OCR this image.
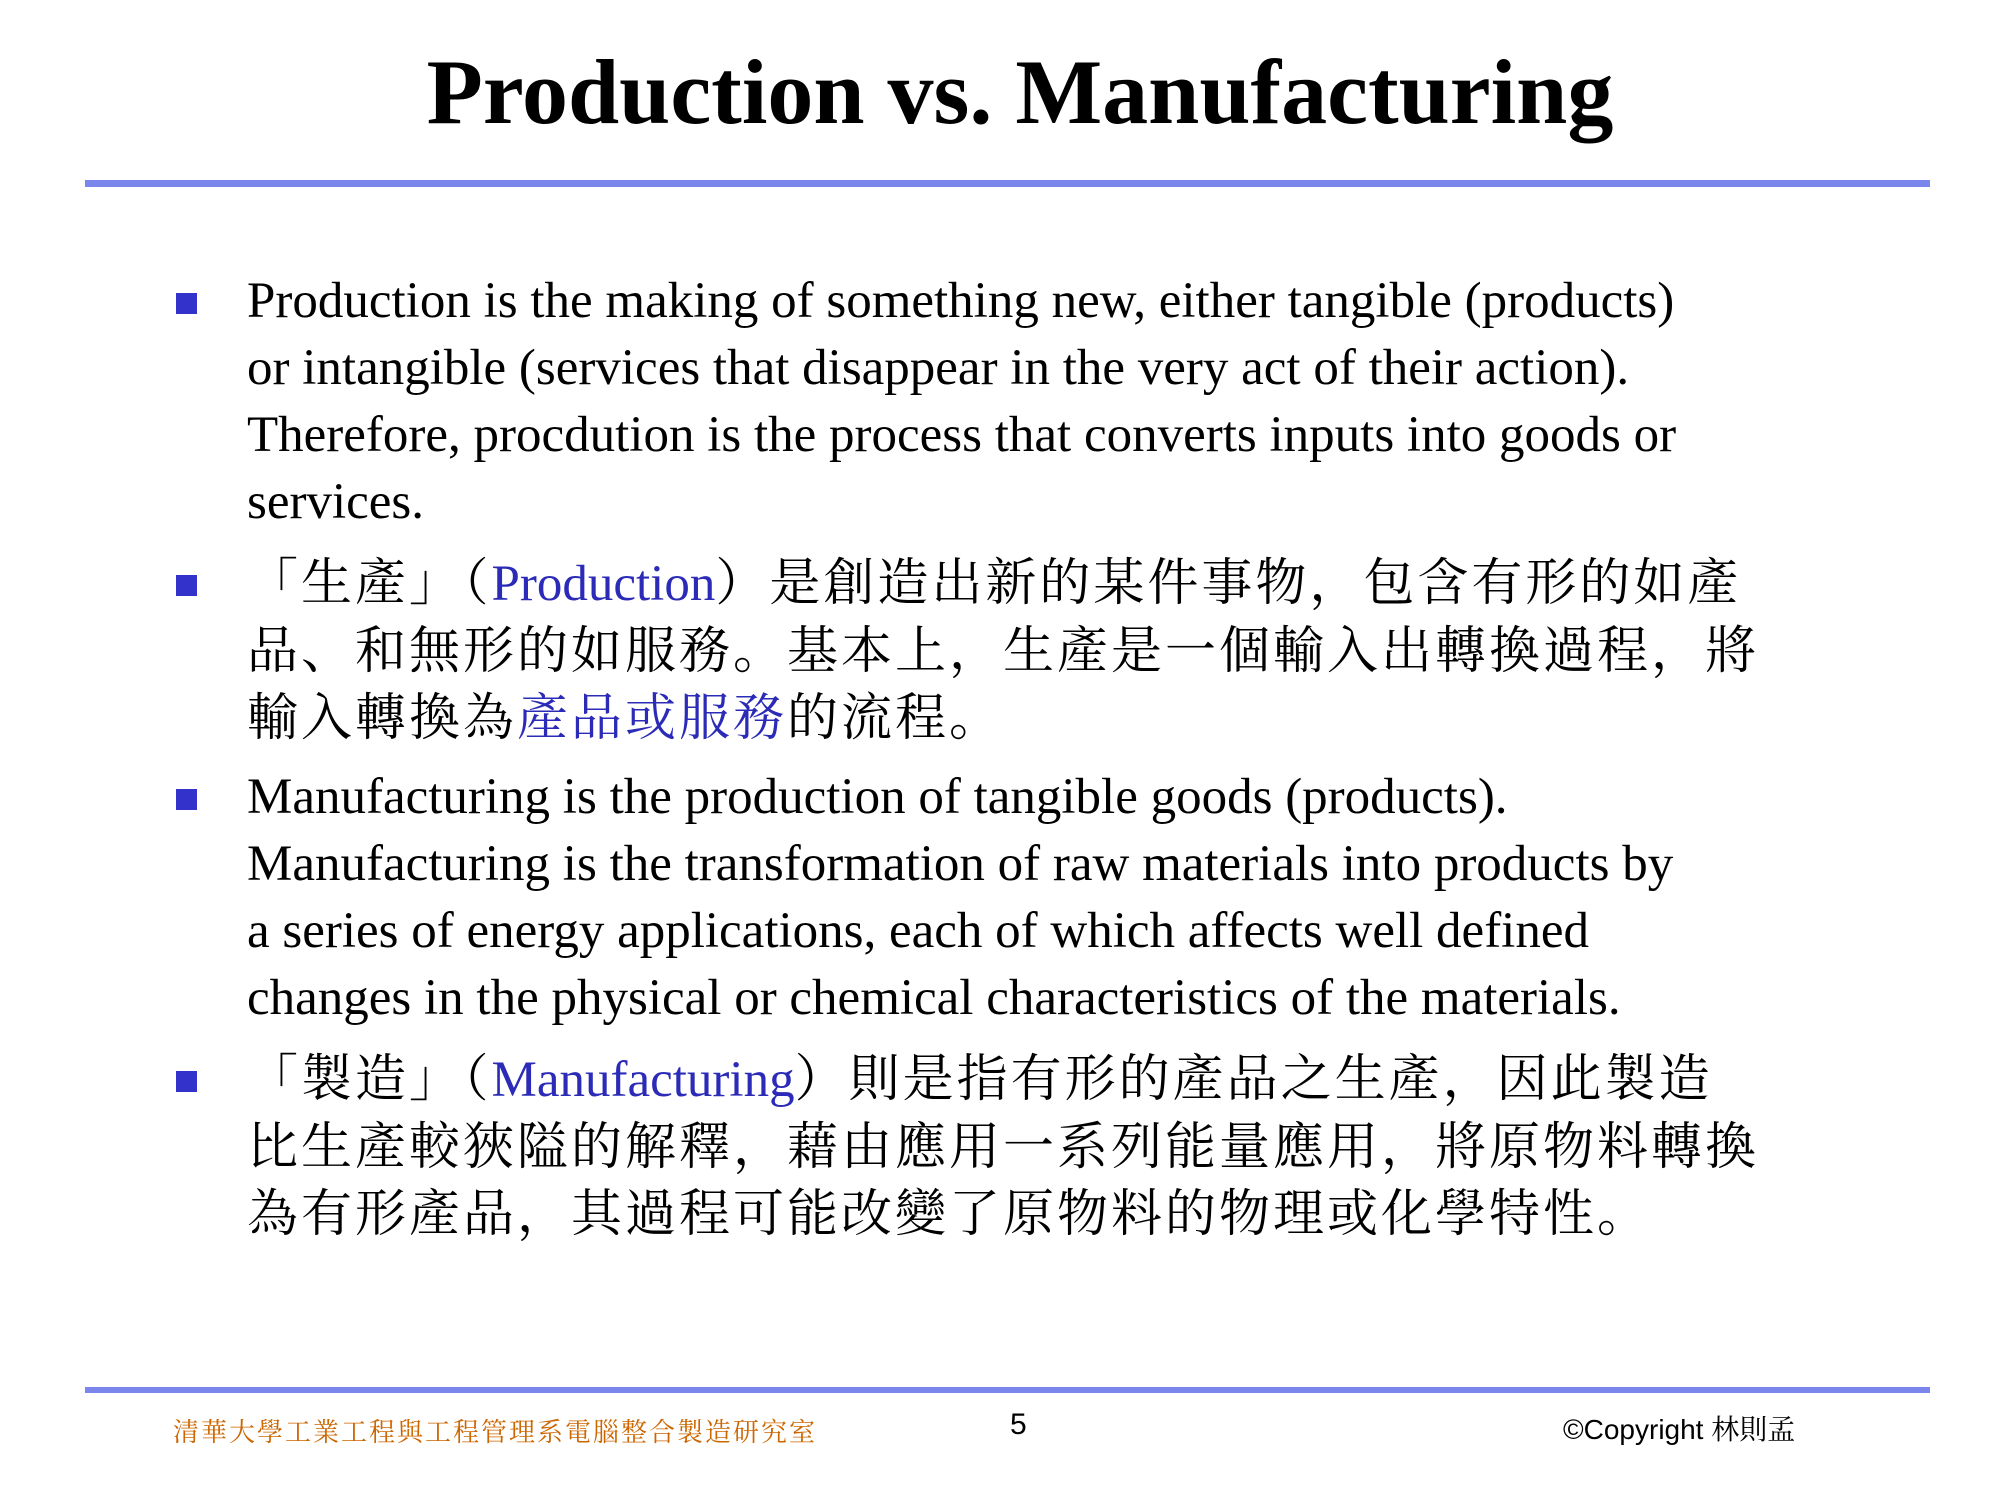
Production vs. Manufacturing
Production is the making of something new, either tangible (products)
or intangible (services that disappear in the very act of their action).
Therefore, procdution is the process that converts inputs into goods or
services.
「生產」（Production）是創造出新的某件事物，包含有形的如產
品、和無形的如服務。基本上，生產是一個輸入出轉換過程，將
輸入轉換為產品或服務的流程。
Manufacturing is the production of tangible goods (products).
Manufacturing is the transformation of raw materials into products by
a series of energy applications, each of which affects well defined
changes in the physical or chemical characteristics of the materials.
「製造」（Manufacturing）則是指有形的產品之生產，因此製造
比生產較狹隘的解釋，藉由應用一系列能量應用，將原物料轉換
為有形產品，其過程可能改變了原物料的物理或化學特性。
清華大學工業工程與工程管理系電腦整合製造研究室	5	©Copyright 林則孟
